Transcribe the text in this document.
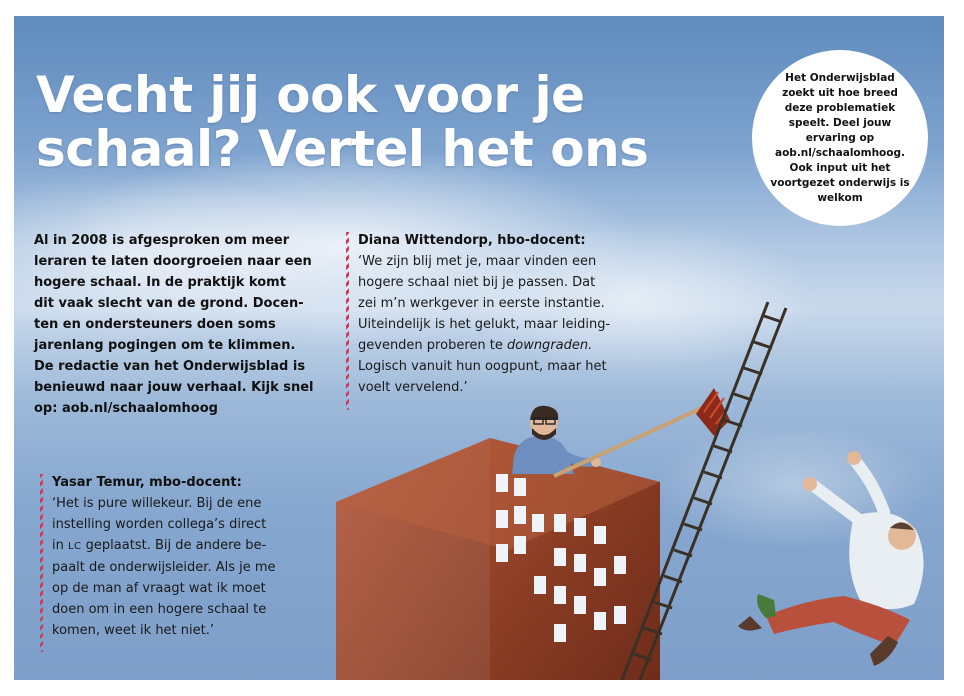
Vecht jij ook voor je
schaal? Vertel het ons
Het Onderwijsblad zoekt uit hoe breed deze problematiek speelt. Deel jouw ervaring op aob.nl/schaalomhoog. Ook input uit het voortgezet onderwijs is welkom

Al in 2008 is afgesproken om meer
leraren te laten doorgroeien naar een
hogere schaal. In de praktijk komt
dit vaak slecht van de grond. Docen-
ten en ondersteuners doen soms
jarenlang pogingen om te klimmen.
De redactie van het Onderwijsblad is
benieuwd naar jouw verhaal. Kijk snel
op: aob.nl/schaalomhoog

Diana Wittendorp, hbo-docent:

‘We zijn blij met je, maar vinden een
hogere schaal niet bij je passen. Dat
zei m’n werkgever in eerste instantie.
Uiteindelijk is het gelukt, maar leiding-
gevenden proberen te downgraden.
Logisch vanuit hun oogpunt, maar het
voelt vervelend.’

Yasar Temur, mbo-docent:

‘Het is pure willekeur. Bij de ene
instelling worden collega’s direct
in LC geplaatst. Bij de andere be-
paalt de onderwijsleider. Als je me
op de man af vraagt wat ik moet
doen om in een hogere schaal te
komen, weet ik het niet.’
